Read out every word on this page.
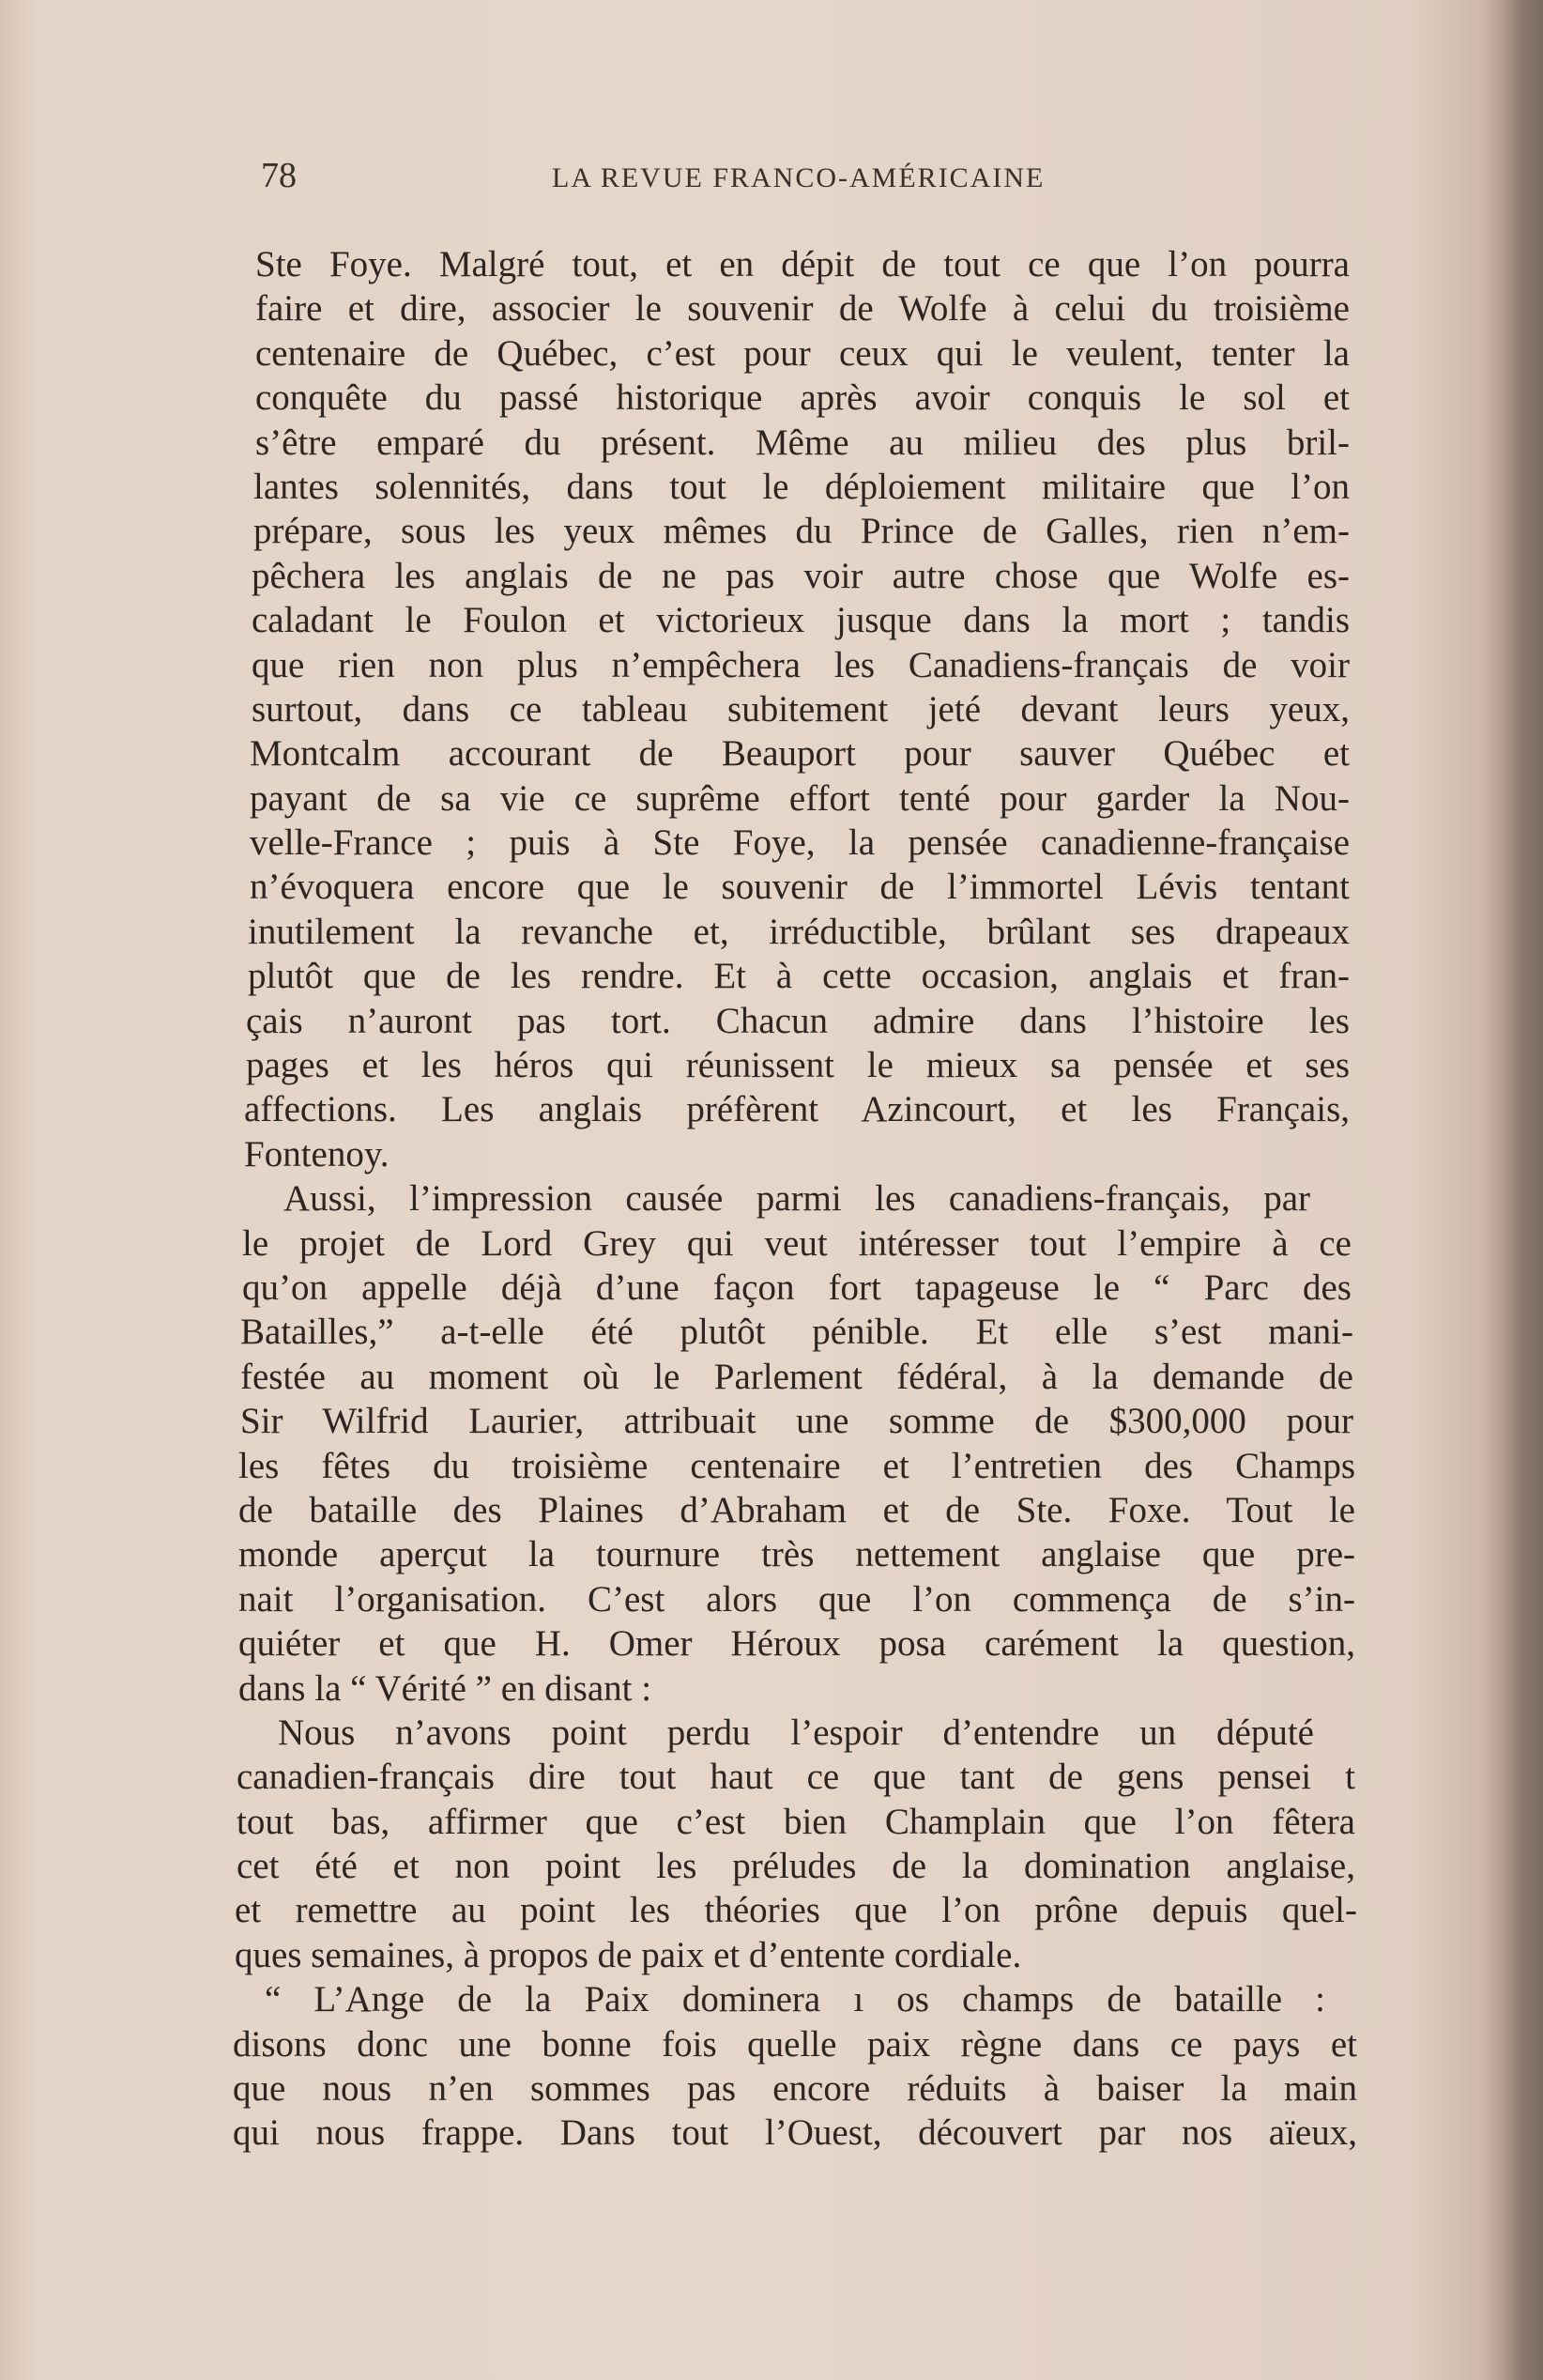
78	LA REVUE FRANCO-AMÉRICAINE
Ste Foye. Malgré tout, et en dépit de tout ce que l’on pourra
faire et dire, associer le souvenir de Wolfe à celui du troisième
centenaire de Québec, c’est pour ceux qui le veulent, tenter la
conquête du passé historique après avoir conquis le sol et
s’être emparé du présent. Même au milieu des plus bril-
lantes solennités, dans tout le déploiement militaire que l’on
prépare, sous les yeux mêmes du Prince de Galles, rien n’em-
pêchera les anglais de ne pas voir autre chose que Wolfe es-
caladant le Foulon et victorieux jusque dans la mort ; tandis
que rien non plus n’empêchera les Canadiens-français de voir
surtout, dans ce tableau subitement jeté devant leurs yeux,
Montcalm accourant de Beauport pour sauver Québec et
payant de sa vie ce suprême effort tenté pour garder la Nou-
velle-France ; puis à Ste Foye, la pensée canadienne-française
n’évoquera encore que le souvenir de l’immortel Lévis tentant
inutilement la revanche et, irréductible, brûlant ses drapeaux
plutôt que de les rendre. Et à cette occasion, anglais et fran-
çais n’auront pas tort. Chacun admire dans l’histoire les
pages et les héros qui réunissent le mieux sa pensée et ses
affections. Les anglais préfèrent Azincourt, et les Français,
Fontenoy.
Aussi, l’impression causée parmi les canadiens-français, par
le projet de Lord Grey qui veut intéresser tout l’empire à ce
qu’on appelle déjà d’une façon fort tapageuse le “ Parc des
Batailles,” a-t-elle été plutôt pénible. Et elle s’est mani-
festée au moment où le Parlement fédéral, à la demande de
Sir Wilfrid Laurier, attribuait une somme de $300,000 pour
les fêtes du troisième centenaire et l’entretien des Champs
de bataille des Plaines d’Abraham et de Ste. Foxe. Tout le
monde aperçut la tournure très nettement anglaise que pre-
nait l’organisation. C’est alors que l’on commença de s’in-
quiéter et que H. Omer Héroux posa carément la question,
dans la “ Vérité ” en disant :
Nous n’avons point perdu l’espoir d’entendre un député
canadien-français dire tout haut ce que tant de gens pensei t
tout bas, affirmer que c’est bien Champlain que l’on fêtera
cet été et non point les préludes de la domination anglaise,
et remettre au point les théories que l’on prône depuis quel-
ques semaines, à propos de paix et d’entente cordiale.
“ L’Ange de la Paix dominera ı os champs de bataille :
disons donc une bonne fois quelle paix règne dans ce pays et
que nous n’en sommes pas encore réduits à baiser la main
qui nous frappe. Dans tout l’Ouest, découvert par nos aïeux,
